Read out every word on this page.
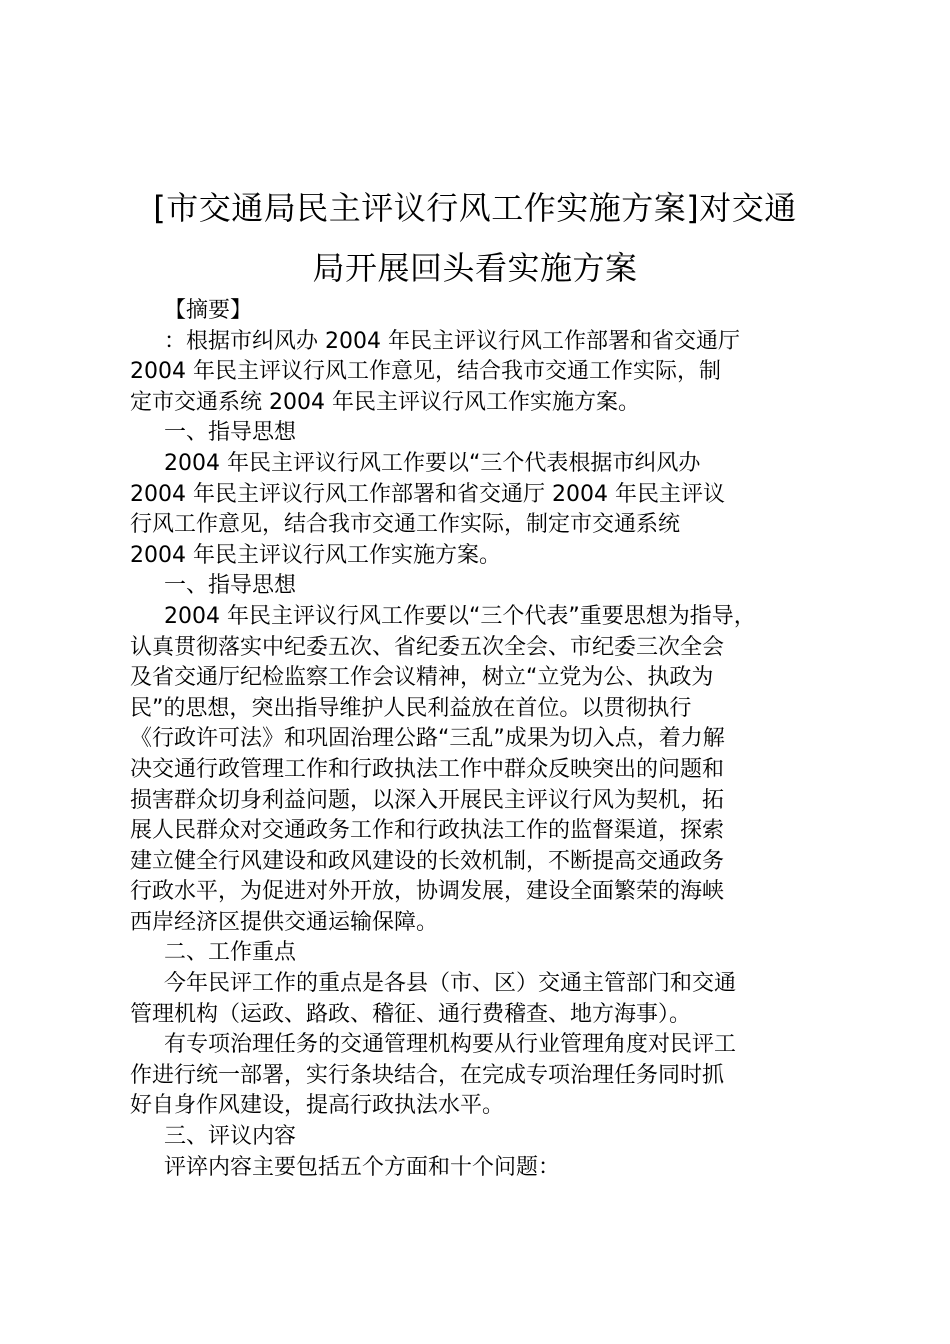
[市交通局民主评议行风工作实施方案]对交通
局开展回头看实施方案
【摘要】
：根据市纠风办 2004 年民主评议行风工作部署和省交通厅
2004 年民主评议行风工作意见，结合我市交通工作实际，制
定市交通系统 2004 年民主评议行风工作实施方案。
一、指导思想
2004 年民主评议行风工作要以“三个代表根据市纠风办
2004 年民主评议行风工作部署和省交通厅 2004 年民主评议
行风工作意见，结合我市交通工作实际，制定市交通系统
2004 年民主评议行风工作实施方案。
一、指导思想
2004 年民主评议行风工作要以“三个代表”重要思想为指导，
认真贯彻落实中纪委五次、省纪委五次全会、市纪委三次全会
及省交通厅纪检监察工作会议精神，树立“立党为公、执政为
民”的思想，突出指导维护人民利益放在首位。以贯彻执行
《行政许可法》和巩固治理公路“三乱”成果为切入点，着力解
决交通行政管理工作和行政执法工作中群众反映突出的问题和
损害群众切身利益问题，以深入开展民主评议行风为契机，拓
展人民群众对交通政务工作和行政执法工作的监督渠道，探索
建立健全行风建设和政风建设的长效机制，不断提高交通政务
行政水平，为促进对外开放，协调发展，建设全面繁荣的海峡
西岸经济区提供交通运输保障。
二、工作重点
今年民评工作的重点是各县（市、区）交通主管部门和交通
管理机构（运政、路政、稽征、通行费稽查、地方海事）。
有专项治理任务的交通管理机构要从行业管理角度对民评工
作进行统一部署，实行条块结合，在完成专项治理任务同时抓
好自身作风建设，提高行政执法水平。
三、评议内容
评谇内容主要包括五个方面和十个问题：
